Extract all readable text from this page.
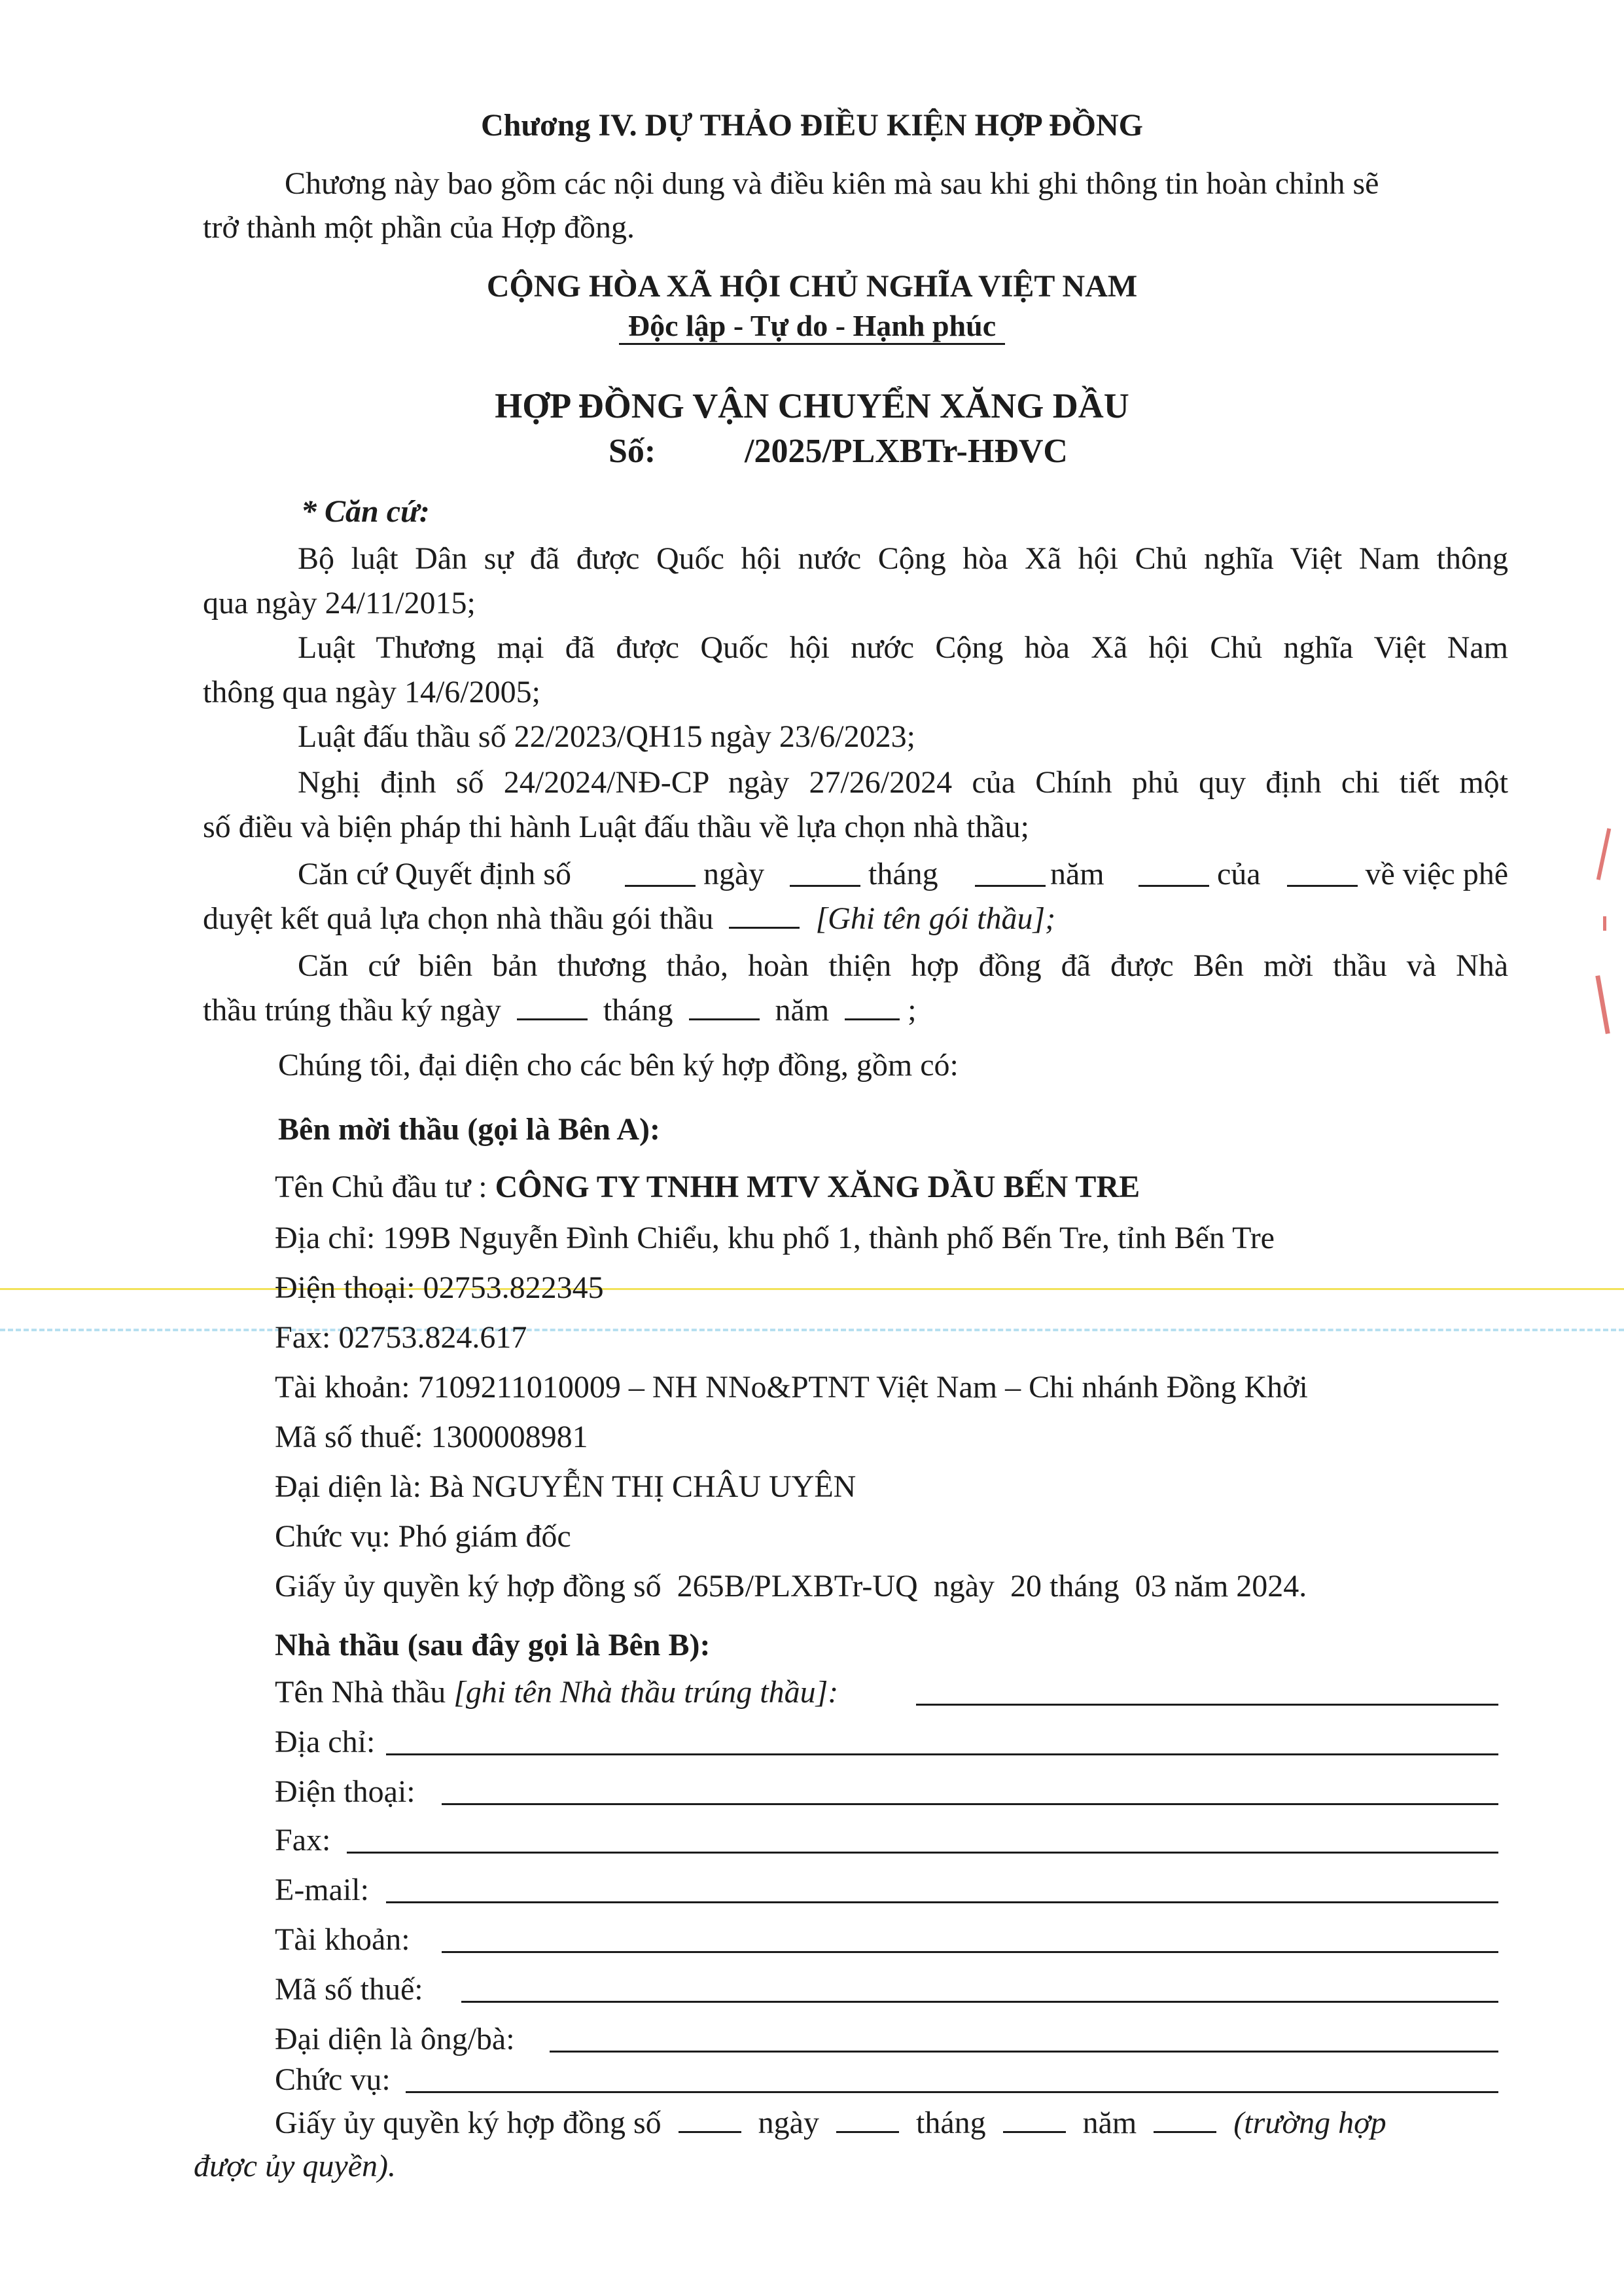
Chương IV. DỰ THẢO ĐIỀU KIỆN HỢP ĐỒNG
Chương này bao gồm các nội dung và điều kiên mà sau khi ghi thông tin hoàn chỉnh sẽ
trở thành một phần của Hợp đồng.
CỘNG HÒA XÃ HỘI CHỦ NGHĨA VIỆT NAM
Độc lập - Tự do - Hạnh phúc
HỢP ĐỒNG VẬN CHUYỂN XĂNG DẦU
Số:	/2025/PLXBTr-HĐVC
* Căn cứ:
Bộ luật Dân sự đã được Quốc hội nước Cộng hòa Xã hội Chủ nghĩa Việt Nam thông
qua ngày 24/11/2015;
Luật Thương mại đã được Quốc hội nước Cộng hòa Xã hội Chủ nghĩa Việt Nam
thông qua ngày 14/6/2005;
Luật đấu thầu số 22/2023/QH15 ngày 23/6/2023;
Nghị định số 24/2024/NĐ-CP ngày 27/26/2024 của Chính phủ quy định chi tiết một
số điều và biện pháp thi hành Luật đấu thầu về lựa chọn nhà thầu;
Căn cứ Quyết định số	ngày	tháng	năm	của	về việc phê
duyệt kết quả lựa chọn nhà thầu gói thầu	[Ghi tên gói thầu];
Căn cứ biên bản thương thảo, hoàn thiện hợp đồng đã được Bên mời thầu và Nhà
thầu trúng thầu ký ngày	tháng	năm	;
Chúng tôi, đại diện cho các bên ký hợp đồng, gồm có:
Bên mời thầu (gọi là Bên A):
Tên Chủ đầu tư : CÔNG TY TNHH MTV XĂNG DẦU BẾN TRE
Địa chỉ: 199B Nguyễn Đình Chiểu, khu phố 1, thành phố Bến Tre, tỉnh Bến Tre
Điện thoại: 02753.822345
Fax: 02753.824.617
Tài khoản: 7109211010009 – NH NNo&PTNT Việt Nam – Chi nhánh Đồng Khởi
Mã số thuế: 1300008981
Đại diện là: Bà NGUYỄN THỊ CHÂU UYÊN
Chức vụ: Phó giám đốc
Giấy ủy quyền ký hợp đồng số  265B/PLXBTr-UQ  ngày  20 tháng  03 năm 2024.
Nhà thầu (sau đây gọi là Bên B):
Tên Nhà thầu [ghi tên Nhà thầu trúng thầu]:
Địa chỉ:
Điện thoại:
Fax:
E-mail:
Tài khoản:
Mã số thuế:
Đại diện là ông/bà:
Chức vụ:
Giấy ủy quyền ký hợp đồng số	ngày	tháng	năm	(trường hợp
được ủy quyền).
